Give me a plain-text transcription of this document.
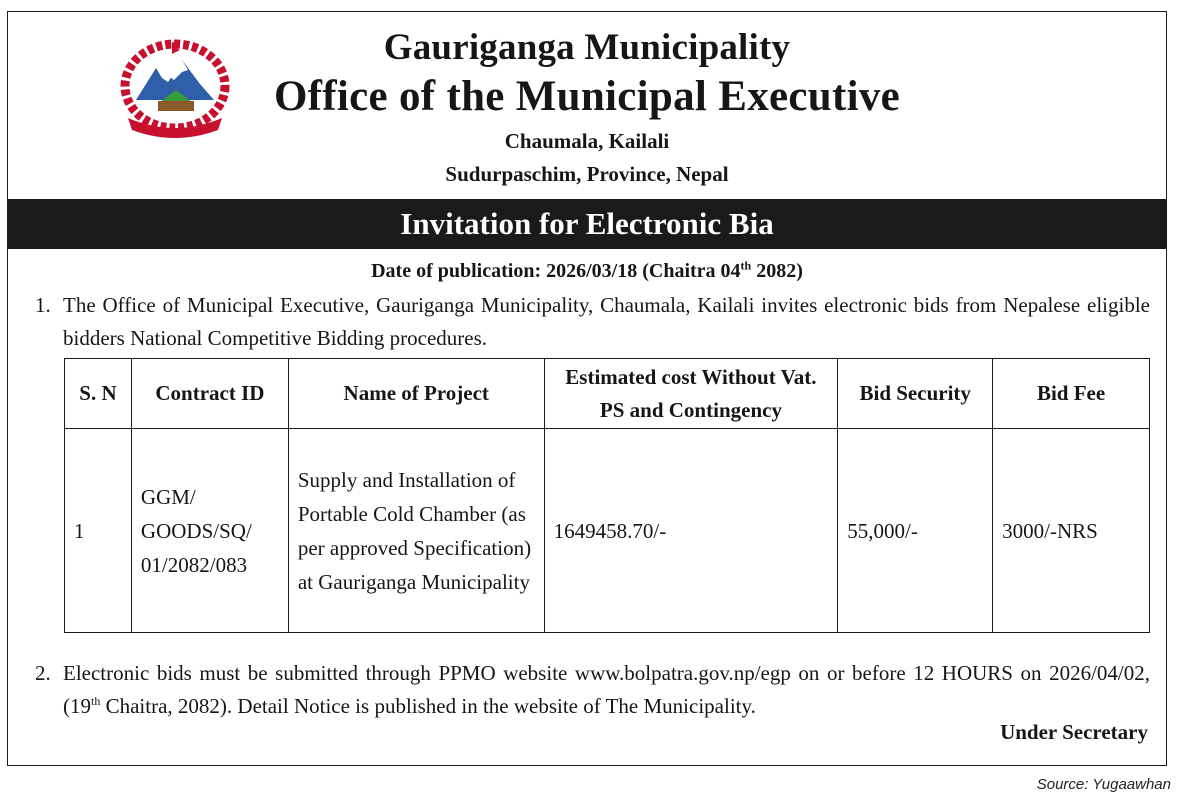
Gauriganga Municipality
Office of the Municipal Executive
Chaumala, Kailali
Sudurpaschim, Province, Nepal
Invitation for Electronic Bia
Date of publication: 2026/03/18 (Chaitra 04th 2082)
1. The Office of Municipal Executive, Gauriganga Municipality, Chaumala, Kailali invites electronic bids from Nepalese eligible bidders National Competitive Bidding procedures.
S. N	Contract ID	Name of Project	Estimated cost Without Vat. PS and Contingency	Bid Security	Bid Fee
1	GGM/ GOODS/SQ/ 01/2082/083	Supply and Installation of Portable Cold Chamber (as per approved Specification) at Gauriganga Municipality	1649458.70/-	55,000/-	3000/-NRS
2. Electronic bids must be submitted through PPMO website www.bolpatra.gov.np/egp on or before 12 HOURS on 2026/04/02, (19th Chaitra, 2082). Detail Notice is published in the website of The Municipality.
Under Secretary
Source: Yugaawhan
